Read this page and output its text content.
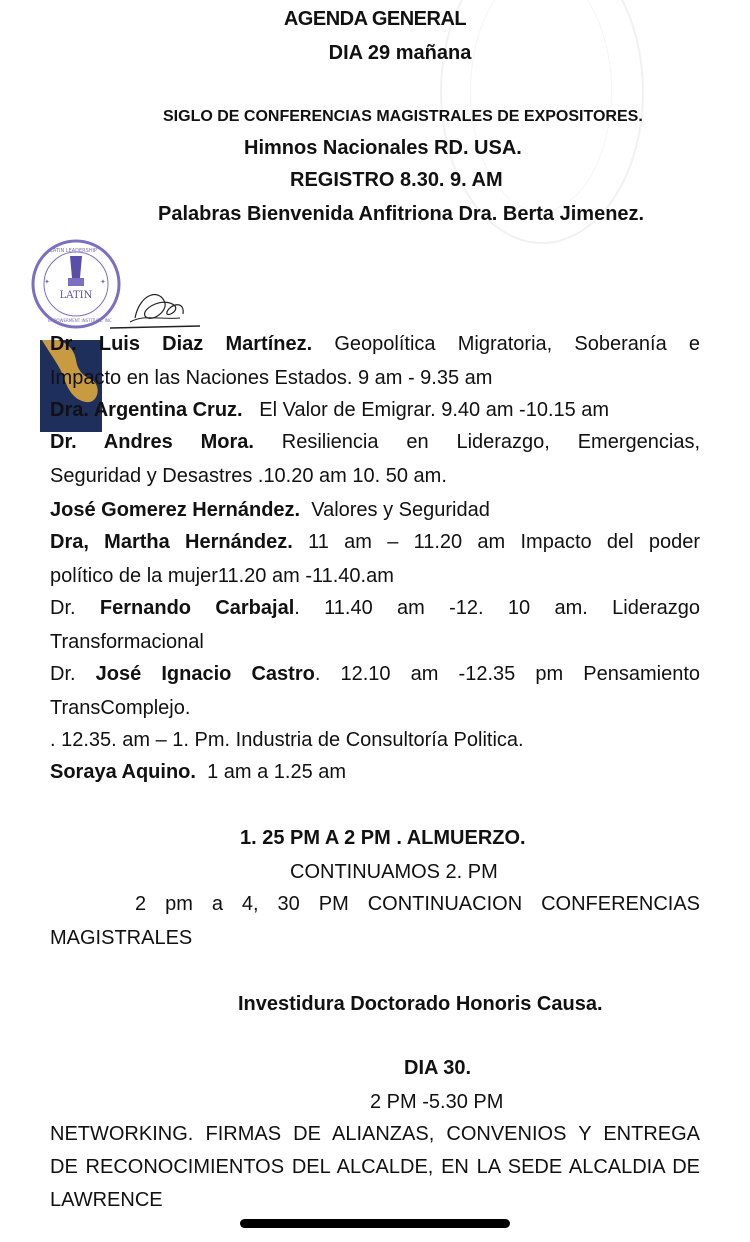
AGENDA GENERAL
DIA 29 mañana
SIGLO DE CONFERENCIAS MAGISTRALES DE EXPOSITORES.
Himnos Nacionales RD. USA.
REGISTRO 8.30. 9. AM
Palabras Bienvenida Anfitriona Dra. Berta Jimenez.
LATIN
LATIN LEADERSHIP
EMPOWERMENT INSTITUTE, INC
✦	✦
Dr. Luis Diaz Martínez. Geopolítica Migratoria, Soberanía e
Impacto en las Naciones Estados. 9 am - 9.35 am
Dra. Argentina Cruz. El Valor de Emigrar. 9.40 am -10.15 am
Dr. Andres Mora. Resiliencia en Liderazgo, Emergencias,
Seguridad y Desastres .10.20 am 10. 50 am.
José Gomerez Hernández. Valores y Seguridad
Dra, Martha Hernández. 11 am – 11.20 am Impacto del poder
político de la mujer11.20 am -11.40.am
Dr. Fernando Carbajal. 11.40 am -12. 10 am. Liderazgo
Transformacional
Dr. José Ignacio Castro. 12.10 am -12.35 pm Pensamiento
TransComplejo.
. 12.35. am – 1. Pm. Industria de Consultoría Politica.
Soraya Aquino. 1 am a 1.25 am
1. 25 PM A 2 PM . ALMUERZO.
CONTINUAMOS 2. PM
2 pm a 4, 30 PM CONTINUACION CONFERENCIAS
MAGISTRALES
Investidura Doctorado Honoris Causa.
DIA 30.
2 PM -5.30 PM
NETWORKING. FIRMAS DE ALIANZAS, CONVENIOS Y ENTREGA
DE RECONOCIMIENTOS DEL ALCALDE, EN LA SEDE ALCALDIA DE
LAWRENCE
